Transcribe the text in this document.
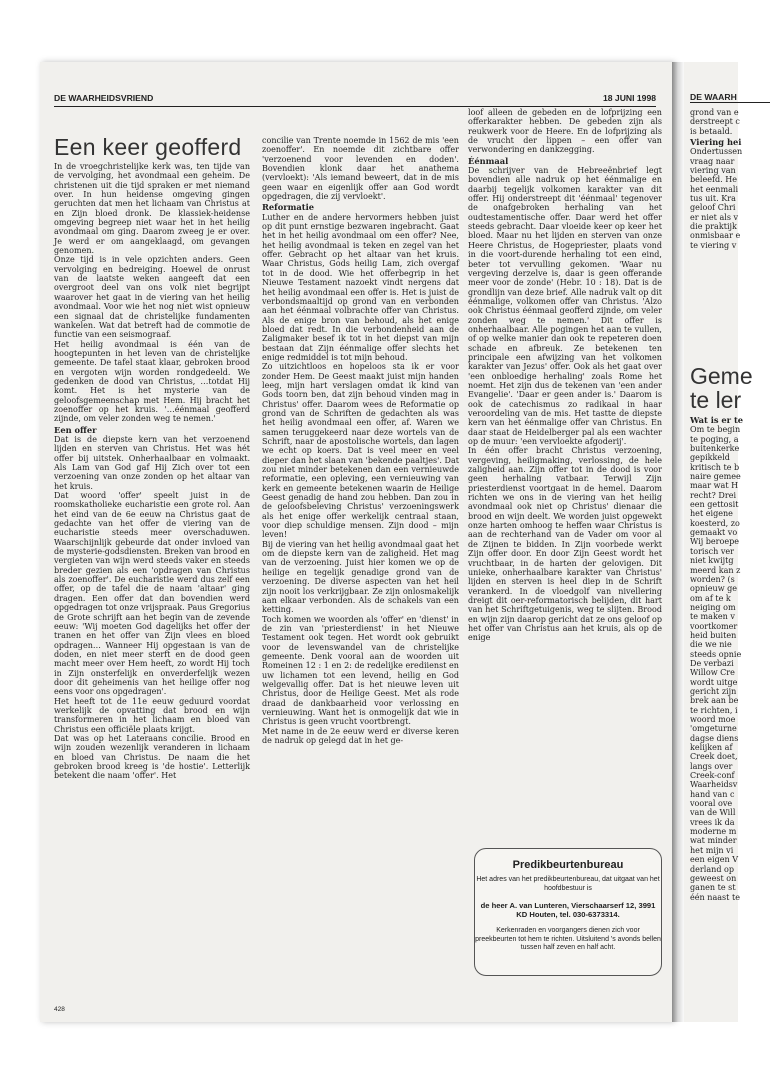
DE WAARHEIDSVRIEND	18 JUNI 1998
Een keer geofferd

In de vroegchristelijke kerk was, ten tijde van de vervolging, het avondmaal een geheim. De christenen uit die tijd spraken er met niemand over. In hun heidense omgeving gingen geruchten dat men het lichaam van Christus at en Zijn bloed dronk. De klassiek-heidense omgeving begreep niet waar het in het heilig avondmaal om ging. Daarom zweeg je er over. Je werd er om aangeklaagd, om gevangen genomen.

Onze tijd is in vele opzichten anders. Geen vervolging en bedreiging. Hoewel de onrust van de laatste weken aangeeft dat een overgroot deel van ons volk niet begrijpt waarover het gaat in de viering van het heilig avondmaal. Voor wie het nog niet wist opnieuw een signaal dat de christelijke fundamenten wankelen. Wat dat betreft had de commotie de functie van een seismograaf.

Het heilig avondmaal is één van de hoogtepunten in het leven van de christelijke gemeente. De tafel staat klaar, gebroken brood en vergoten wijn worden rondgedeeld. We gedenken de dood van Christus, …totdat Hij komt. Het is het mysterie van de geloofsgemeenschap met Hem. Hij bracht het zoenoffer op het kruis. '…éénmaal geofferd zijnde, om veler zonden weg te nemen.'

Een offer

Dat is de diepste kern van het verzoenend lijden en sterven van Christus. Het was hét offer bij uitstek. Onherhaalbaar en volmaakt. Als Lam van God gaf Hij Zich over tot een verzoening van onze zonden op het altaar van het kruis.

Dat woord 'offer' speelt juist in de roomskatholieke eucharistie een grote rol. Aan het eind van de 6e eeuw na Christus gaat de gedachte van het offer de viering van de eucharistie steeds meer overschaduwen. Waarschijnlijk gebeurde dat onder invloed van de mysterie-godsdiensten. Breken van brood en vergieten van wijn werd steeds vaker en steeds breder gezien als een 'opdragen van Christus als zoenoffer'. De eucharistie werd dus zelf een offer, op de tafel die de naam 'altaar' ging dragen. Een offer dat dan bovendien werd opgedragen tot onze vrijspraak. Paus Gregorius de Grote schrijft aan het begin van de zevende eeuw: 'Wij moeten God dagelijks het offer der tranen en het offer van Zijn vlees en bloed opdragen… Wanneer Hij opgestaan is van de doden, en niet meer sterft en de dood geen macht meer over Hem heeft, zo wordt Hij toch in Zijn onsterfelijk en onverderfelijk wezen door dit geheimenis van het heilige offer nog eens voor ons opgedragen'.

Het heeft tot de 11e eeuw geduurd voordat werkelijk de opvatting dat brood en wijn transformeren in het lichaam en bloed van Christus een officiële plaats krijgt.

Dat was op het Lateraans concilie. Brood en wijn zouden wezenlijk veranderen in lichaam en bloed van Christus. De naam die het gebroken brood kreeg is 'de hostie'. Letterlijk betekent die naam 'offer'. Het

concilie van Trente noemde in 1562 de mis 'een zoenoffer'. En noemde dit zichtbare offer 'verzoenend voor levenden en doden'. Bovendien klonk daar het anathema (vervloekt): 'Als iemand beweert, dat in de mis geen waar en eigenlijk offer aan God wordt opgedragen, die zij vervloekt'.

Reformatie

Luther en de andere hervormers hebben juist op dit punt ernstige bezwaren ingebracht. Gaat het in het heilig avondmaal om een offer? Nee, het heilig avondmaal is teken en zegel van het offer. Gebracht op het altaar van het kruis. Waar Christus, Gods heilig Lam, zich overgaf tot in de dood. Wie het offerbegrip in het Nieuwe Testament nazoekt vindt nergens dat het heilig avondmaal een offer is. Het is juist de verbondsmaaltijd op grond van en verbonden aan het éénmaal volbrachte offer van Christus. Als de enige bron van behoud, als het enige bloed dat redt. In die verbondenheid aan de Zaligmaker besef ik tot in het diepst van mijn bestaan dat Zijn éénmalige offer slechts het enige redmiddel is tot mijn behoud.

Zo uitzichtloos en hopeloos sta ik er voor zonder Hem. De Geest maakt juist mijn handen leeg, mijn hart verslagen omdat ik kind van Gods toorn ben, dat zijn behoud vinden mag in Christus' offer. Daarom wees de Reformatie op grond van de Schriften de gedachten als was het heilig avondmaal een offer, af. Waren we samen teruggekeerd naar deze wortels van de Schrift, naar de apostolische wortels, dan lagen we echt op koers. Dat is veel meer en veel dieper dan het slaan van 'bekende paaltjes'. Dat zou niet minder betekenen dan een vernieuwde reformatie, een opleving, een vernieuwing van kerk en gemeente betekenen waarin de Heilige Geest genadig de hand zou hebben. Dan zou in de geloofsbeleving Christus' verzoeningswerk als het enige offer werkelijk centraal staan, voor diep schuldige mensen. Zijn dood – mijn leven!

Bij de viering van het heilig avondmaal gaat het om de diepste kern van de zaligheid. Het mag van de verzoening. Juist hier komen we op de heilige en tegelijk genadige grond van de verzoening. De diverse aspecten van het heil zijn nooit los verkrijgbaar. Ze zijn onlosmakelijk aan elkaar verbonden. Als de schakels van een ketting.

Toch komen we woorden als 'offer' en 'dienst' in de zin van 'priesterdienst' in het Nieuwe Testament ook tegen. Het wordt ook gebruikt voor de levenswandel van de christelijke gemeente. Denk vooral aan de woorden uit Romeinen 12 : 1 en 2: de redelijke erediienst en uw lichamen tot een levend, heilig en God welgevallig offer. Dat is het nieuwe leven uit Christus, door de Heilige Geest. Met als rode draad de dankbaarheid voor verlossing en vernieuwing. Want het is onmogelijk dat wie in Christus is geen vrucht voortbrengt.

Met name in de 2e eeuw werd er diverse keren de nadruk op gelegd dat in het ge-

loof alleen de gebeden en de lofprijzing een offerkarakter hebben. De gebeden zijn als reukwerk voor de Heere. En de lofprijzing als de vrucht der lippen – een offer van verwondering en dankzegging.

Éénmaal

De schrijver van de Hebreeënbrief legt bovendien alle nadruk op het éénmalige en daarbij tegelijk volkomen karakter van dit offer. Hij onderstreept dit 'éénmaal' tegenover de onafgebroken herhaling van het oudtestamentische offer. Daar werd het offer steeds gebracht. Daar vloeide keer op keer het bloed. Maar nu het lijden en sterven van onze Heere Christus, de Hogepriester, plaats vond in die voort-durende herhaling tot een eind, beter tot vervulling gekomen. 'Waar nu vergeving derzelve is, daar is geen offerande meer voor de zonde' (Hebr. 10 : 18). Dat is de grondlijn van deze brief. Alle nadruk valt op dit éénmalige, volkomen offer van Christus. 'Alzo ook Christus éénmaal geofferd zijnde, om veler zonden weg te nemen.' Dit offer is onherhaalbaar. Alle pogingen het aan te vullen, of op welke manier dan ook te repeteren doen schade en afbreuk. Ze betekenen ten principale een afwijzing van het volkomen karakter van Jezus' offer. Ook als het gaat over 'een onbloedige herhaling' zoals Rome het noemt. Het zijn dus de tekenen van 'een ander Evangelie'. 'Daar er geen ander is.' Daarom is ook de catechismus zo radikaal in haar veroordeling van de mis. Het tastte de diepste kern van het éénmalige offer van Christus. En daar staat de Heidelberger pal als een wachter op de muur: 'een vervloekte afgoderij'.

In één offer bracht Christus verzoening, vergeving, heiligmaking, verlossing, de hele zaligheid aan. Zijn offer tot in de dood is voor geen herhaling vatbaar. Terwijl Zijn priesterdienst voortgaat in de hemel. Daarom richten we ons in de viering van het heilig avondmaal ook niet op Christus' dienaar die brood en wijn deelt. We worden juist opgewekt onze harten omhoog te heffen waar Christus is aan de rechterhand van de Vader om voor al de Zijnen te bidden. In Zijn voorbede werkt Zijn offer door. En door Zijn Geest wordt het vruchtbaar, in de harten der gelovigen. Dit unieke, onherhaalbare karakter van Christus' lijden en sterven is heel diep in de Schrift verankerd. In de vloedgolf van nivellering dreigt dit oer-reformatorisch belijden, dit hart van het Schriftgetuigenis, weg te slijten. Brood en wijn zijn daarop gericht dat ze ons geloof op het offer van Christus aan het kruis, als op de enige

Predikbeurtenbureau
Het adres van het predikbeurtenbureau, dat uitgaat van het hoofdbestuur is
de heer A. van Lunteren, Vierschaarserf 12, 3991 KD Houten, tel. 030-6373314.
Kerkenraden en voorgangers dienen zich voor preekbeurten tot hem te richten. Uitsluitend 's avonds bellen tussen half zeven en half acht.
428
DE WAARH

grond van e

derstreept c

is betaald.

Viering hei

Ondertussen

vraag naar

viering van

beleefd. He

het eenmali

tus uit. Kra

geloof Chri

er niet als v

die praktijk

onmisbaar e

te viering v

Geme
te ler
Wat is er te

Om te begin

te poging, a

buitenkerke

gepikkeld

kritisch te b

naire gemee

maar wat H

recht? Drei

een gettosit

het eigene

koesterd, zo

gemaakt vo

Wij beroepe

torisch ver

niet kwijtg

meerd kan z

worden? (s

opnieuw ge

om af te k

neiging om

te maken v

voortkomer

heid buiten

die we nie

steeds opnie

De verbazi

Willow Cre

wordt uitge

gericht zijn

brek aan be

te richten, i

woord moe

'omgeturne

dagse diens

kelijken af

Creek doet,

langs over

Creek-conf

Waarheidsv

hand van c

vooral ove

van de Will

vrees ik da

moderne m

wat minder

het mijn vi

een eigen V

derland op

geweest on

ganen te st

één naast te
